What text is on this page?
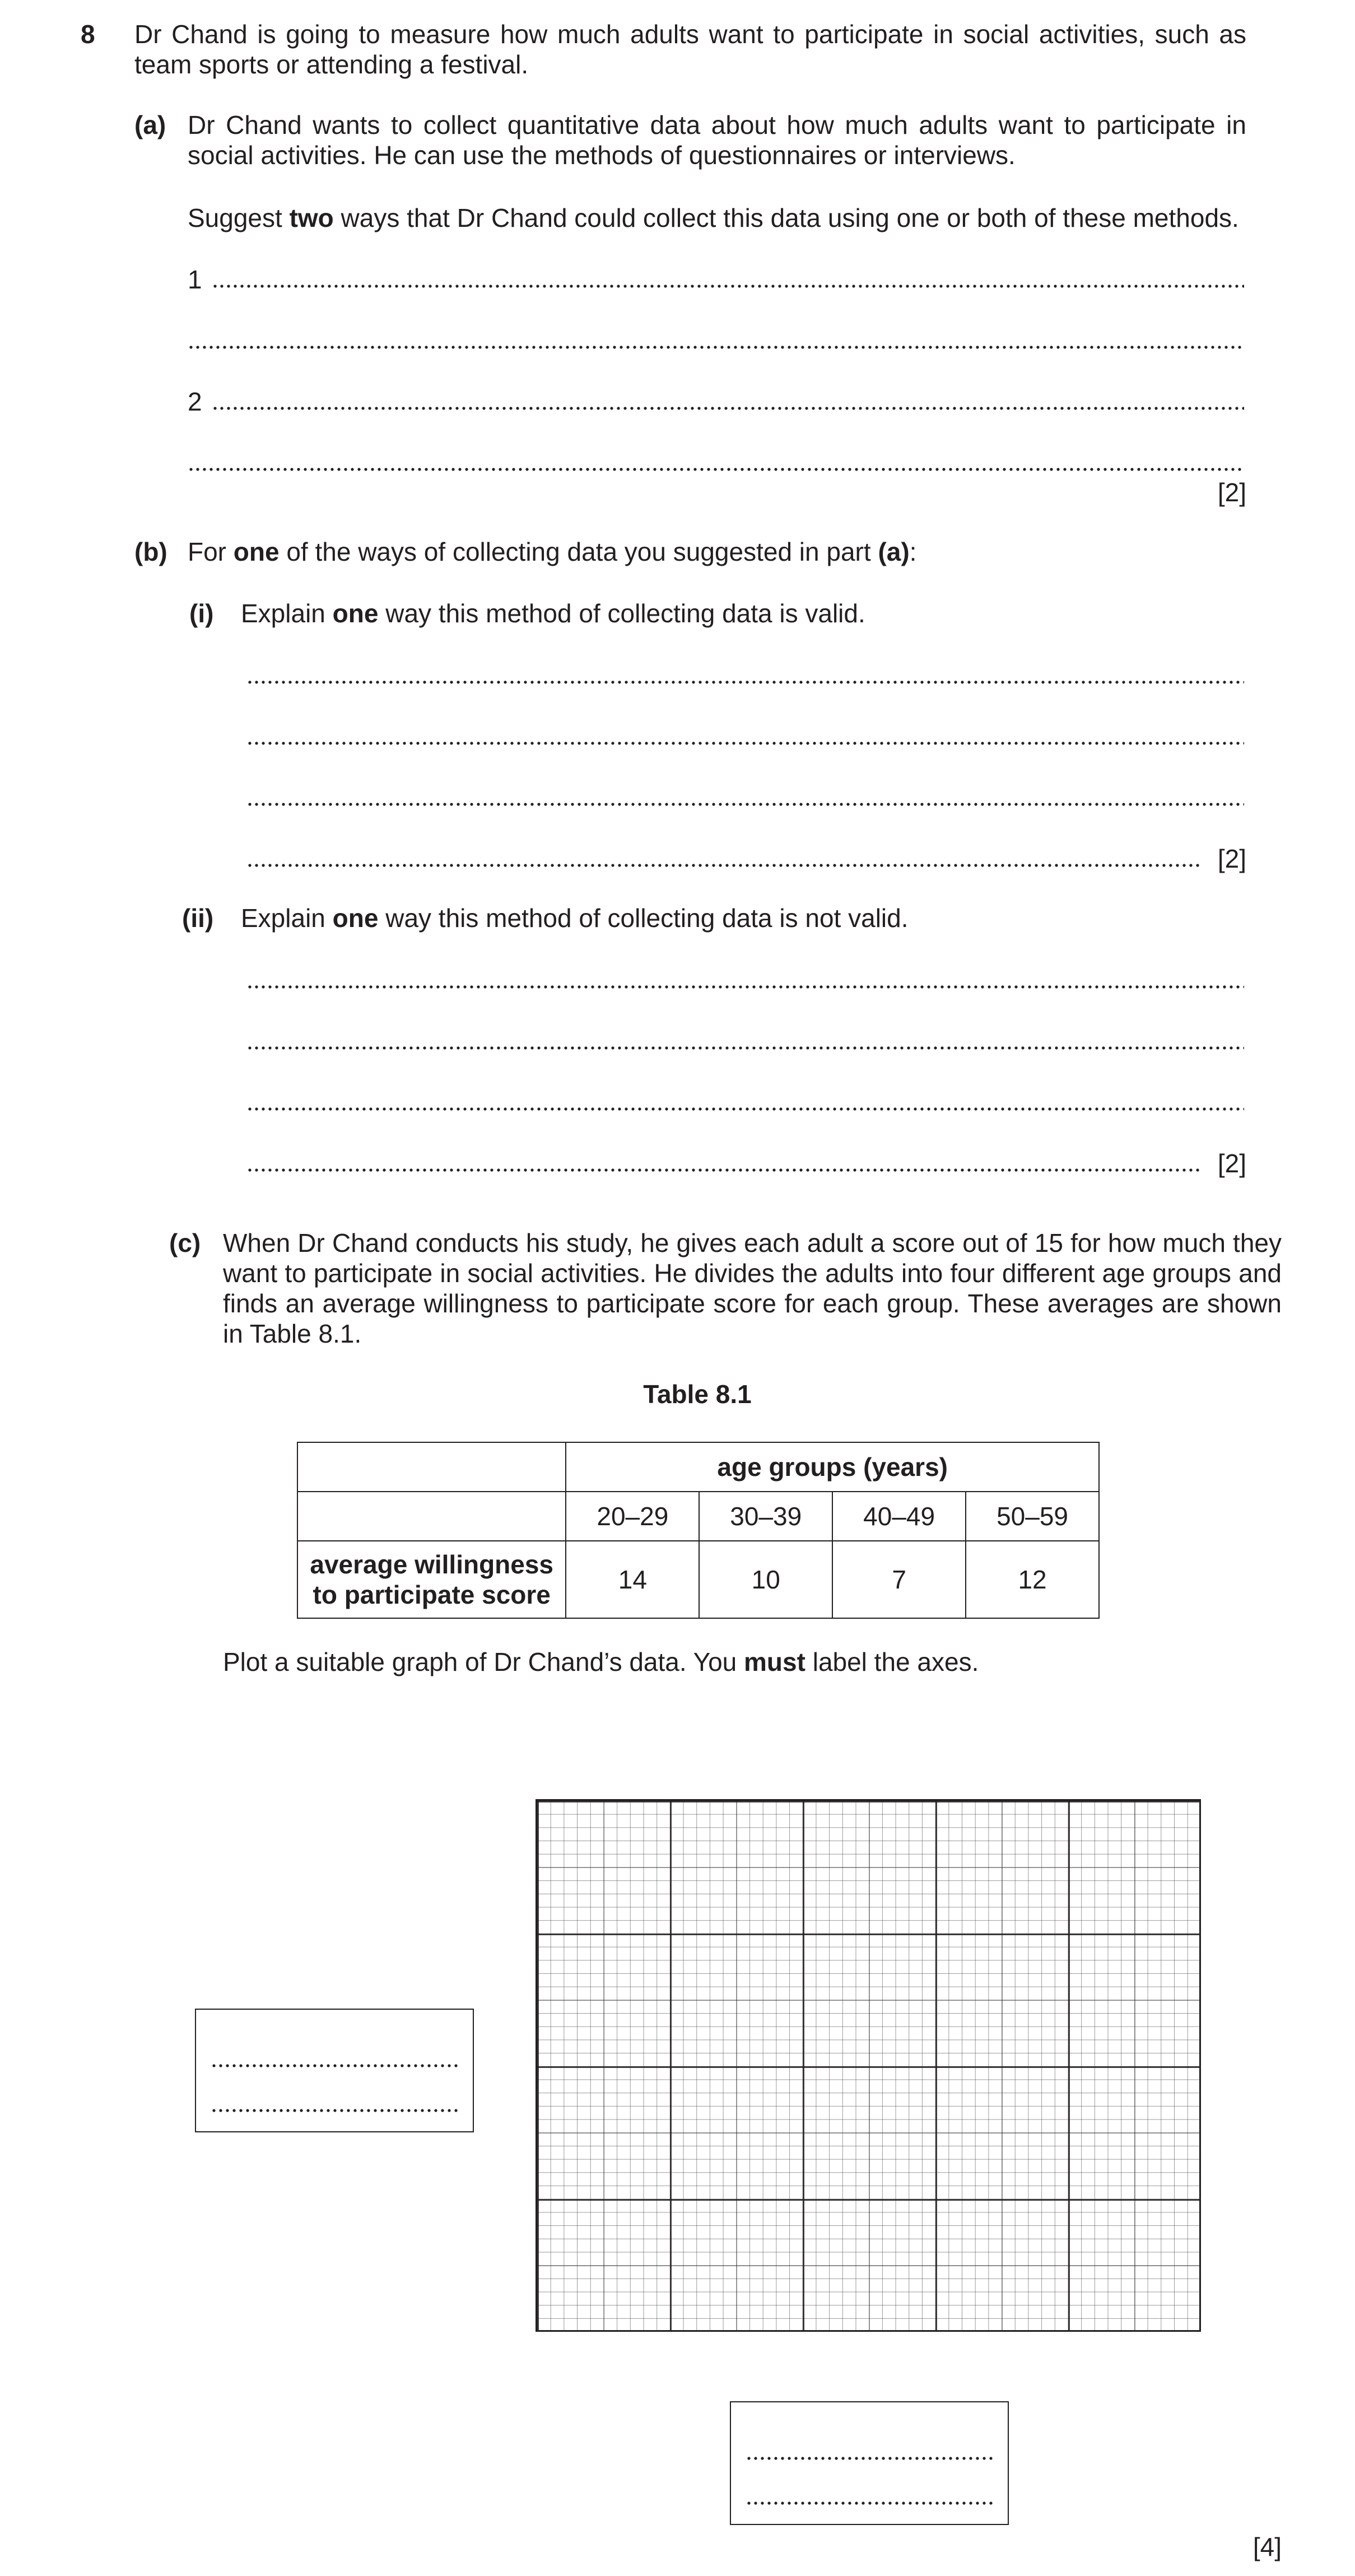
8 Dr Chand is going to measure how much adults want to participate in social activities, such as team sports or attending a festival.
(a) Dr Chand wants to collect quantitative data about how much adults want to participate in social activities. He can use the methods of questionnaires or interviews.
Suggest two ways that Dr Chand could collect this data using one or both of these methods.
1
2
[2]
(b) For one of the ways of collecting data you suggested in part (a):
(i) Explain one way this method of collecting data is valid.
[2]
(ii) Explain one way this method of collecting data is not valid.
[2]
(c) When Dr Chand conducts his study, he gives each adult a score out of 15 for how much they want to participate in social activities. He divides the adults into four different age groups and finds an average willingness to participate score for each group. These averages are shown in Table 8.1.
Table 8.1
	age groups (years)			
	20–29	30–39	40–49	50–59
average willingness
to participate score	14	10	7	12
Plot a suitable graph of Dr Chand’s data. You must label the axes.
[4]
